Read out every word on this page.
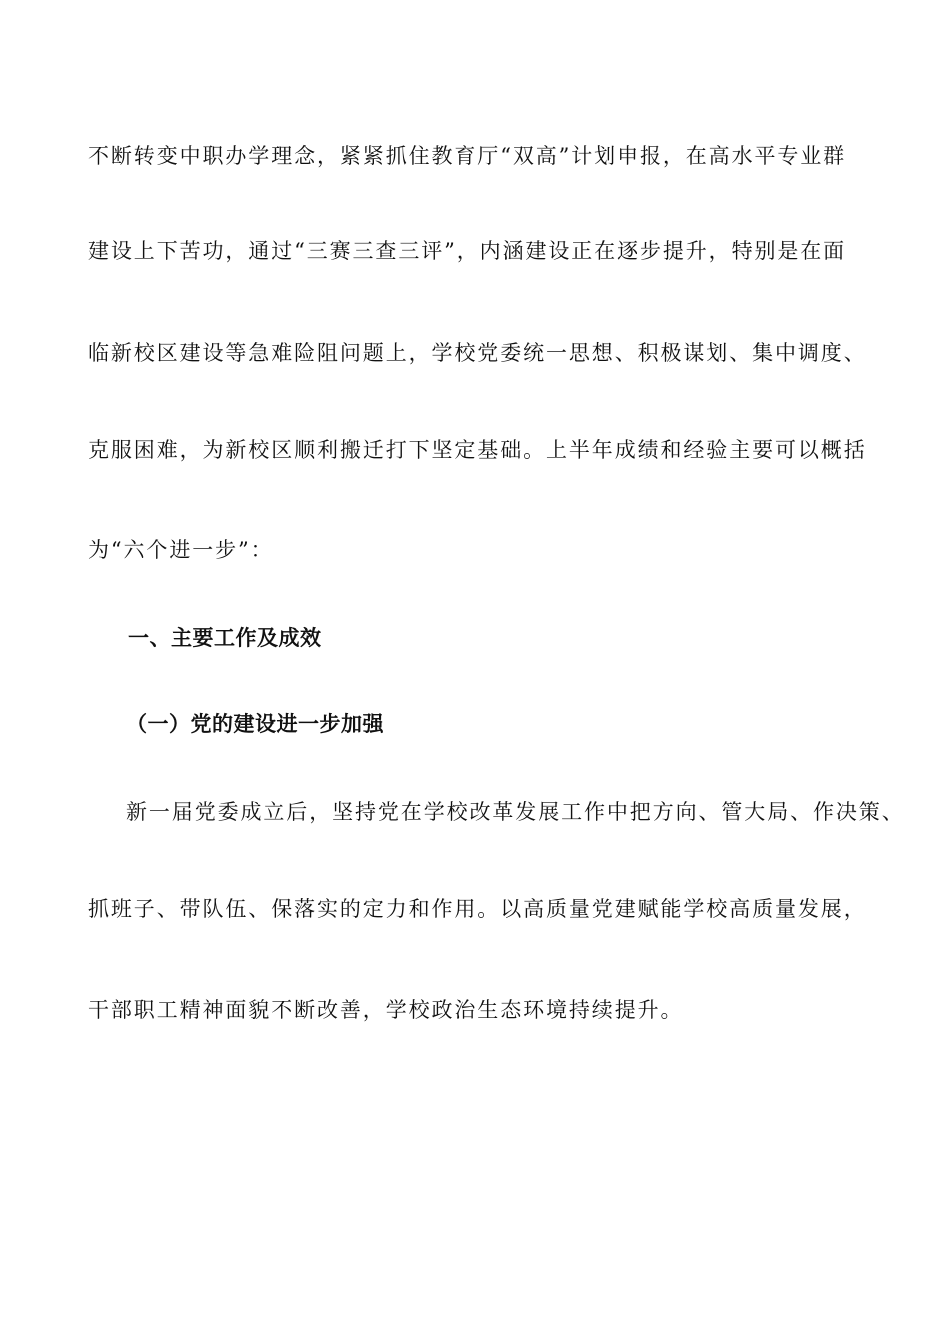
不断转变中职办学理念，紧紧抓住教育厅“双高”计划申报，在高水平专业群
建设上下苦功，通过“三赛三查三评”，内涵建设正在逐步提升，特别是在面
临新校区建设等急难险阻问题上，学校党委统一思想、积极谋划、集中调度、
克服困难，为新校区顺利搬迁打下坚定基础。上半年成绩和经验主要可以概括
为“六个进一步”：
一、主要工作及成效
（一）党的建设进一步加强
新一届党委成立后，坚持党在学校改革发展工作中把方向、管大局、作决策、
抓班子、带队伍、保落实的定力和作用。以高质量党建赋能学校高质量发展，
干部职工精神面貌不断改善，学校政治生态环境持续提升。
